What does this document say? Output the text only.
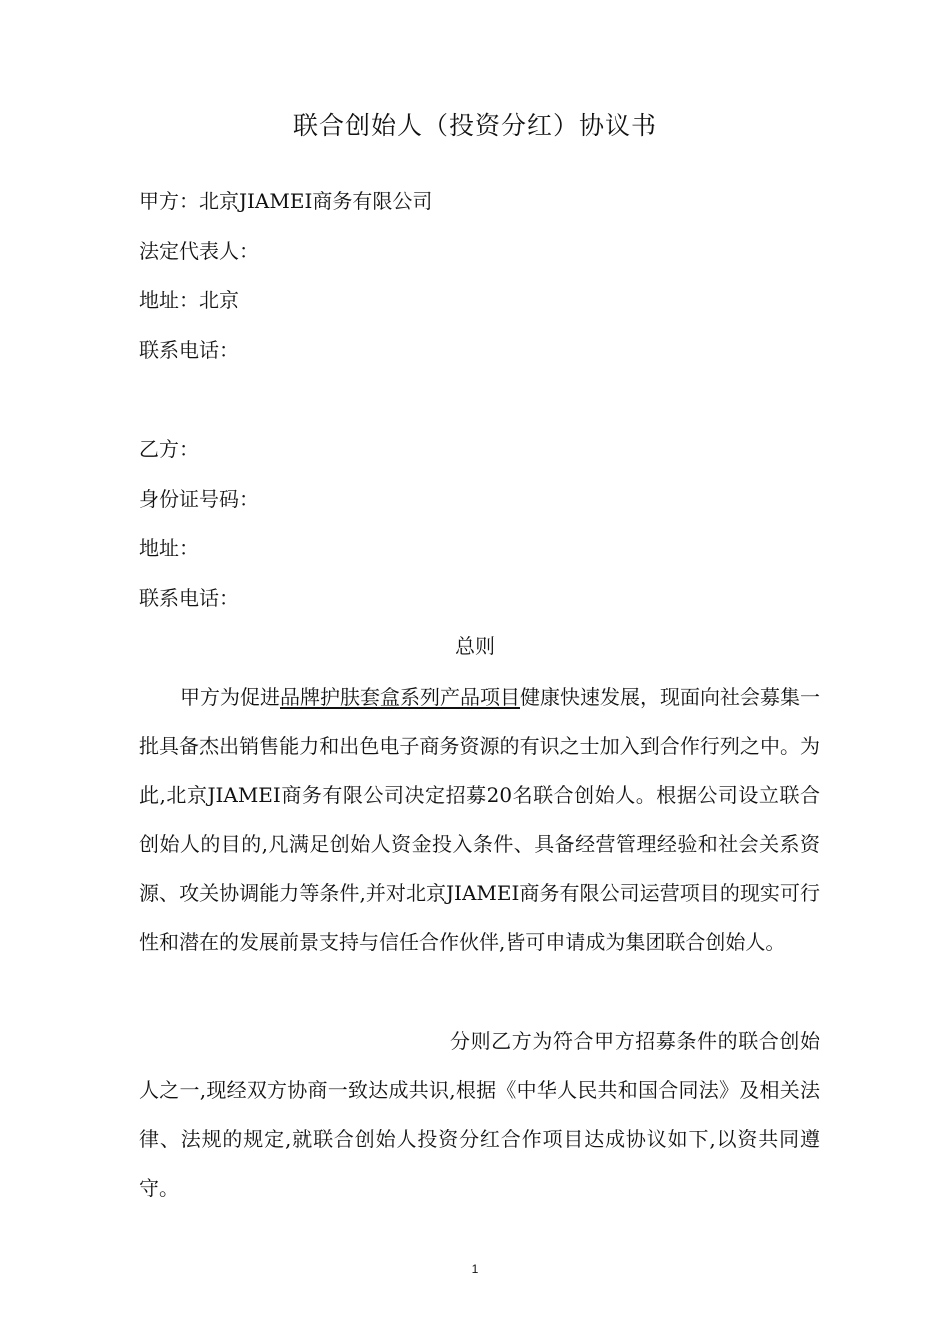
联合创始人（投资分红）协议书
甲方：北京JIAMEI商务有限公司
法定代表人：
地址：北京
联系电话：
乙方：
身份证号码：
地址：
联系电话：
总则
甲方为促进品牌护肤套盒系列产品项目健康快速发展，现面向社会募集一批具备杰出销售能力和出色电子商务资源的有识之士加入到合作行列之中。为此,北京JIAMEI商务有限公司决定招募20名联合创始人。根据公司设立联合创始人的目的,凡满足创始人资金投入条件、具备经营管理经验和社会关系资源、攻关协调能力等条件,并对北京JIAMEI商务有限公司运营项目的现实可行性和潜在的发展前景支持与信任合作伙伴,皆可申请成为集团联合创始人。
分则乙方为符合甲方招募条件的联合创始人之一,现经双方协商一致达成共识,根据《中华人民共和国合同法》及相关法律、法规的规定,就联合创始人投资分红合作项目达成协议如下,以资共同遵守。
1
